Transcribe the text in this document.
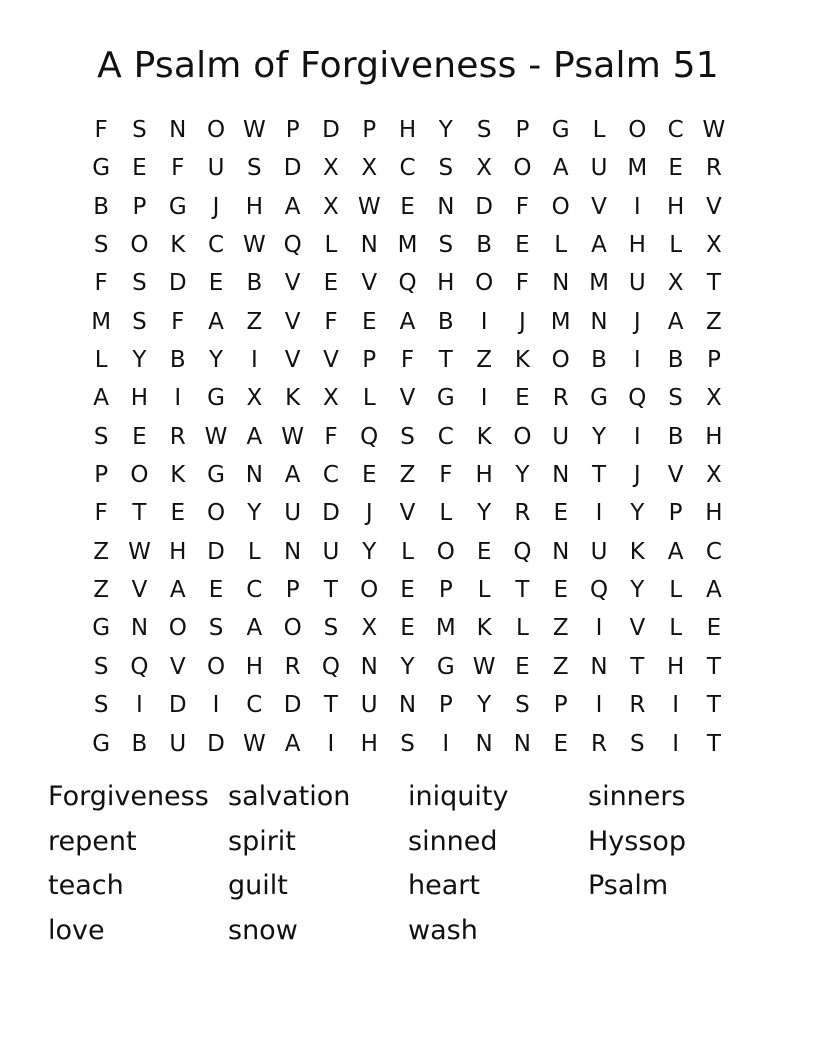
A Psalm of Forgiveness - Psalm 51
F	S N O W P D P H Y	S	P G L O C W
G E	F	U S D X X C S	X O A U M E	R
B	P G	J	H A X W E N D F O V	I	H V
S O K C W Q L	N M S	B	E	L	A H	L	X
F	S D E	B V	E	V Q H O F	N M U X	T
M S	F	A Z V	F	E	A B	I	J	M N	J	A Z
L	Y	B	Y	I	V V	P	F	T	Z K O B	I	B	P
A H	I	G X K X	L	V G	I	E	R G Q S	X
S	E	R W A W F Q S C K O U Y	I	B H
P O K G N A C	E	Z	F	H Y N T	J	V X
F	T	E O Y U D	J	V	L	Y	R	E	I	Y	P H
Z W H D	L	N U Y	L O E Q N U K A C
Z V A	E C	P	T O E	P	L	T	E Q Y	L	A
G N O S	A O S	X	E M K	L	Z	I	V	L	E
S Q V O H R Q N Y G W E	Z N T H T
S	I	D	I	C D T U N P	Y	S	P	I	R	I	T
G B U D W A	I	H S	I	N N E	R	S	I	T
Forgiveness salvation	iniquity	sinners
repent	spirit	sinned	Hyssop
teach	guilt	heart	Psalm
love	snow	wash
